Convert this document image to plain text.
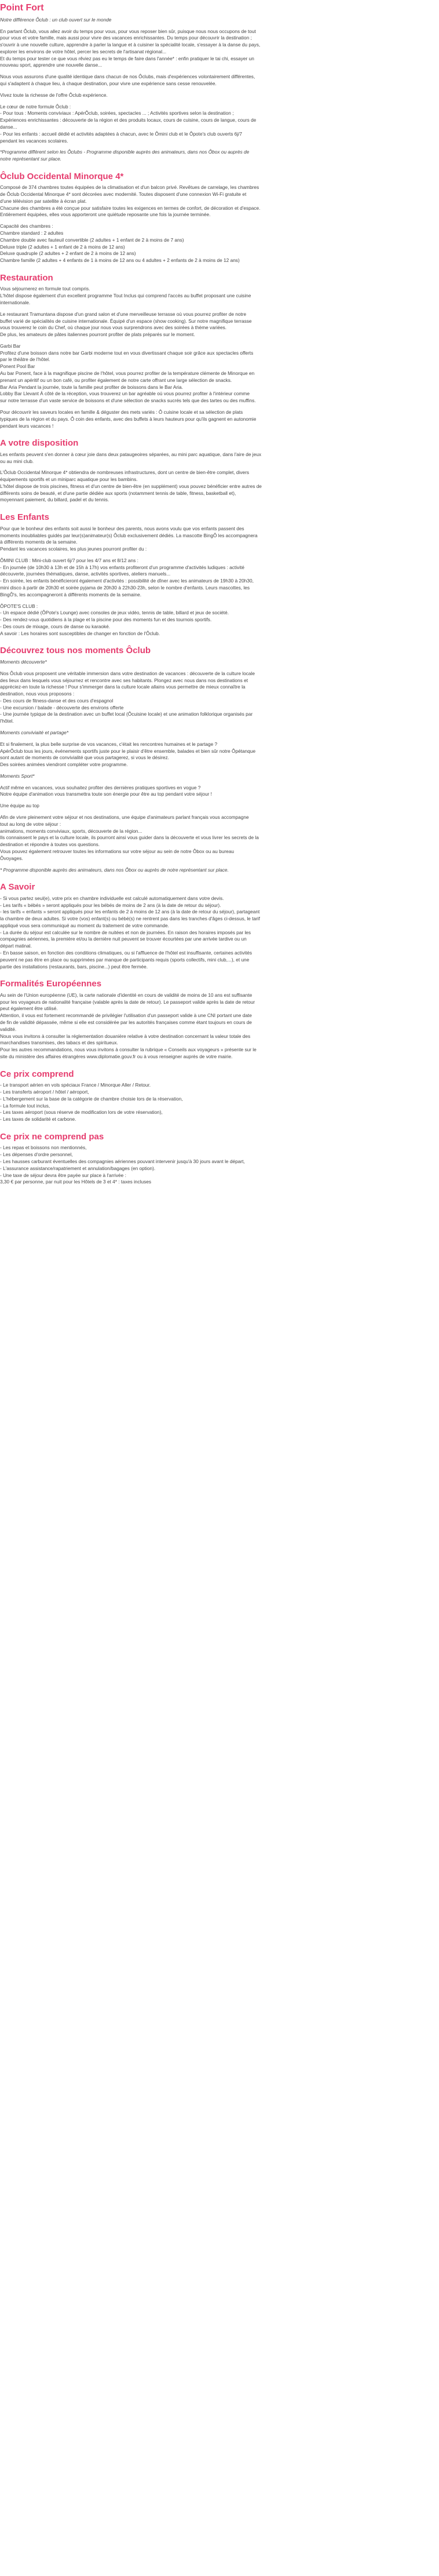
Point Fort
Notre différence Ôclub : un club ouvert sur le monde
En partant Ôclub, vous allez avoir du temps pour vous, pour vous reposer bien sûr, puisque nous nous occupons de tout
pour vous et votre famille, mais aussi pour vivre des vacances enrichissantes. Du temps pour découvrir la destination ;
s'ouvrir à une nouvelle culture, apprendre à parler la langue et à cuisiner la spécialité locale, s'essayer à la danse du pays,
explorer les environs de votre hôtel, percer les secrets de l'artisanat régional...
Et du temps pour tester ce que vous rêviez pas eu le temps de faire dans l'année* : enfin pratiquer le tai chi, essayer un
nouveau sport, apprendre une nouvelle danse...
Nous vous assurons d'une qualité identique dans chacun de nos Ôclubs, mais d'expériences volontairement différentes,
qui s'adaptent à chaque lieu, à chaque destination, pour vivre une expérience sans cesse renouvelée.
Vivez toute la richesse de l'offre Ôclub expérience.
Le cœur de notre formule Ôclub :
- Pour tous : Moments conviviaux : ApérÔclub, soirées, spectacles ... ; Activités sportives selon la destination ;
Expériences enrichissantes : découverte de la région et des produits locaux, cours de cuisine, cours de langue, cours de
danse...
- Pour les enfants : accueil dédié et activités adaptées à chacun, avec le Ômini club et le Ôpote's club ouverts 6j/7
pendant les vacances scolaires.
*Programme différent selon les Ôclubs - Programme disponible auprès des animateurs, dans nos Ôbox ou auprès de
notre représentant sur place.
Ôclub Occidental Minorque 4*
Composé de 374 chambres toutes équipées de la climatisation et d'un balcon privé. Revêtues de carrelage, les chambres
de Ôclub Occidental Minorque 4* sont décorées avec modernité. Toutes disposent d'une connexion Wi-Fi gratuite et
d'une télévision par satellite à écran plat.
Chacune des chambres a été conçue pour satisfaire toutes les exigences en termes de confort, de décoration et d'espace.
Entièrement équipées, elles vous apporteront une quiétude reposante une fois la journée terminée.
Capacité des chambres :
Chambre standard : 2 adultes
Chambre double avec fauteuil convertible (2 adultes + 1 enfant de 2 à moins de 7 ans)
Deluxe triple (2 adultes + 1 enfant de 2 à moins de 12 ans)
Deluxe quadruple (2 adultes + 2 enfant de 2 à moins de 12 ans)
Chambre famille (2 adultes + 4 enfants de 1 à moins de 12 ans ou 4 adultes + 2 enfants de 2 à moins de 12 ans)
Restauration
Vous séjournerez en formule tout compris.
L'hôtel dispose également d'un excellent programme Tout Inclus qui comprend l'accès au buffet proposant une cuisine
internationale.
Le restaurant Tramuntana dispose d'un grand salon et d'une merveilleuse terrasse où vous pourrez profiter de notre
buffet varié de spécialités de cuisine internationale. Équipé d'un espace (show cooking). Sur notre magnifique terrasse
vous trouverez le coin du Chef, où chaque jour nous vous surprendrons avec des soirées à thème variées.
De plus, les amateurs de pâtes italiennes pourront profiter de plats préparés sur le moment.
Garbi Bar
Profitez d'une boisson dans notre bar Garbi moderne tout en vous divertissant chaque soir grâce aux spectacles offerts
par le théâtre de l'hôtel.
Ponent Pool Bar
Au bar Ponent, face à la magnifique piscine de l'hôtel, vous pourrez profiter de la température clémente de Minorque en
prenant un apéritif ou un bon café, ou profiter également de notre carte offrant une large sélection de snacks.
Bar Aria Pendant la journée, toute la famille peut profiter de boissons dans le Bar Aria.
Lobby Bar Llevant À côté de la réception, vous trouverez un bar agréable où vous pourrez profiter à l'intérieur comme
sur notre terrasse d'un vaste service de boissons et d'une sélection de snacks sucrés tels que des tartes ou des muffins.
Pour découvrir les saveurs locales en famille & déguster des mets variés : Ô cuisine locale et sa sélection de plats
typiques de la région et du pays. Ô coin des enfants, avec des buffets à leurs hauteurs pour qu'ils gagnent en autonomie
pendant leurs vacances !
A votre disposition
Les enfants peuvent s'en donner à cœur joie dans deux pataugeoires séparées, au mini parc aquatique, dans l'aire de jeux
ou au mini club.
L'Ôclub Occidental Minorque 4* obtiendra de nombreuses infrastructures, dont un centre de bien-être complet, divers
équipements sportifs et un miniparc aquatique pour les bambins.
L'hôtel dispose de trois piscines, fitness et d'un centre de bien-être (en supplément) vous pouvez bénéficier entre autres de
différents soins de beauté, et d'une partie dédiée aux sports (notamment tennis de table, fitness, basketball et),
moyennant paiement, du billard, padel et du tennis.
Les Enfants
Pour que le bonheur des enfants soit aussi le bonheur des parents, nous avons voulu que vos enfants passent des
moments inoubliables guidés par leur(s)animateur(s) Ôclub exclusivement dédiés. La mascotte BingÔ les accompagnera
à différents moments de la semaine.
Pendant les vacances scolaires, les plus jeunes pourront profiter du :
ÔMINI CLUB : Mini-club ouvert 6j/7 pour les 4/7 ans et 8/12 ans :
- En journée (de 10h30 à 13h et de 15h à 17h) vos enfants profiteront d'un programme d'activités ludiques : activité
découverte, journées thématiques, danse, activités sportives, ateliers manuels...
- En soirée, les enfants bénéficieront également d'activités : possibilité de dîner avec les animateurs de 19h30 à 20h30,
mini disco à partir de 20h30 et soirée pyjama de 20h30 à 22h30-23h, selon le nombre d'enfants. Leurs mascottes, les
BingÔ's, les accompagneront à différents moments de la semaine.
ÔPOTE'S CLUB :
- Un espace dédié (ÔPote's Lounge) avec consoles de jeux vidéo, tennis de table, billard et jeux de société.
- Des rendez-vous quotidiens à la plage et la piscine pour des moments fun et des tournois sportifs.
- Des cours de mixage, cours de danse ou karaoké.
A savoir : Les horaires sont susceptibles de changer en fonction de l'Ôclub.
Découvrez tous nos moments Ôclub
Moments découverte*
Nos Ôclub vous proposent une véritable immersion dans votre destination de vacances : découverte de la culture locale
des lieux dans lesquels vous séjournez et rencontre avec ses habitants. Plongez avec nous dans nos destinations et
appréciez-en toute la richesse ! Pour s'immerger dans la culture locale allains vous permettre de mieux connaître la
destination, nous vous proposons :
- Des cours de fitness-danse et des cours d'espagnol
- Une excursion / balade - découverte des environs offerte
- Une journée typique de la destination avec un buffet local (Ôcuisine locale) et une animation folklorique organisés par
l'hôtel.
Moments conviviaité et partage*
Et si finalement, la plus belle surprise de vos vacances, c'était les rencontres humaines et le partage ?
ApérÔclub tous les jours, événements sportifs juste pour le plaisir d'être ensemble, balades et bien sûr notre Ôpétanque
sont autant de moments de convivialité que vous partagerez, si vous le désirez.
Des soirées animées viendront compléter votre programme.
Moments Sport*
Actif même en vacances, vous souhaitez profiter des dernières pratiques sportives en vogue ?
Notre équipe d'animation vous transmettra toute son énergie pour être au top pendant votre séjour !
Une équipe au top
Afin de vivre pleinement votre séjour et nos destinations, une équipe d'animateurs parlant français vous accompagne
tout au long de votre séjour :
animations, moments conviviaux, sports, découverte de la région...
Ils connaissent le pays et la culture locale, ils pourront ainsi vous guider dans la découverte et vous livrer les secrets de la
destination et répondre à toutes vos questions.
Vous pouvez également retrouver toutes les informations sur votre séjour au sein de notre Ôbox ou au bureau
Ôvoyages.
* Programme disponible auprès des animateurs, dans nos Ôbox ou auprès de notre représentant sur place.
A Savoir
- Si vous partez seul(e), votre prix en chambre individuelle est calculé automatiquement dans votre devis.
- Les tarifs « bébés » seront appliqués pour les bébés de moins de 2 ans (à la date de retour du séjour).
- les tarifs « enfants » seront appliqués pour les enfants de 2 à moins de 12 ans (à la date de retour du séjour), partageant
la chambre de deux adultes. Si votre (vos) enfant(s) ou bébé(s) ne rentrent pas dans les tranches d'âges ci-dessus, le tarif
appliqué vous sera communiqué au moment du traitement de votre commande.
- La durée du séjour est calculée sur le nombre de nuitées et non de journées. En raison des horaires imposés par les
compagnies aériennes, la première et/ou la dernière nuit peuvent se trouver écourtées par une arrivée tardive ou un
départ matinal.
- En basse saison, en fonction des conditions climatiques, ou si l'affluence de l'hôtel est insuffisante, certaines activités
peuvent ne pas être en place ou supprimées par manque de participants requis (sports collectifs, mini club,...), et une
partie des installations (restaurants, bars, piscine...) peut être fermée.
Formalités Européennes
Au sein de l'Union européenne (UE), la carte nationale d'identité en cours de validité de moins de 10 ans est suffisante
pour les voyageurs de nationalité française (valable après la date de retour). Le passeport valide après la date de retour
peut également être utilisé.
Attention, il vous est fortement recommandé de privilégier l'utilisation d'un passeport valide à une CNI portant une date
de fin de validité dépassée, même si elle est considérée par les autorités françaises comme étant toujours en cours de
validité.
Nous vous invitons à consulter la réglementation douanière relative à votre destination concernant la valeur totale des
marchandises transmises, des tabacs et des spiritueux.
Pour les autres recommandations, nous vous invitons à consulter la rubrique « Conseils aux voyageurs » présente sur le
site du ministère des affaires étrangères www.diplomatie.gouv.fr ou à vous renseigner auprès de votre mairie.
Ce prix comprend
- Le transport aérien en vols spéciaux France / Minorque Aller / Retour.
- Les transferts aéroport / hôtel / aéroport,
- L'hébergement sur la base de la catégorie de chambre choisie lors de la réservation,
- La formule tout inclus,
- Les taxes aéroport (sous réserve de modification lors de votre réservation),
- Les taxes de solidarité et carbone.
Ce prix ne comprend pas
- Les repas et boissons non mentionnés,
- Les dépenses d'ordre personnel,
- Les hausses carburant éventuelles des compagnies aériennes pouvant intervenir jusqu'à 30 jours avant le départ,
- L'assurance assistance/rapatriement et annulation/bagages (en option).
- Une taxe de séjour devra être payée sur place à l'arrivée :
3,30 € par personne, par nuit pour les Hôtels de 3 et 4* : taxes incluses
